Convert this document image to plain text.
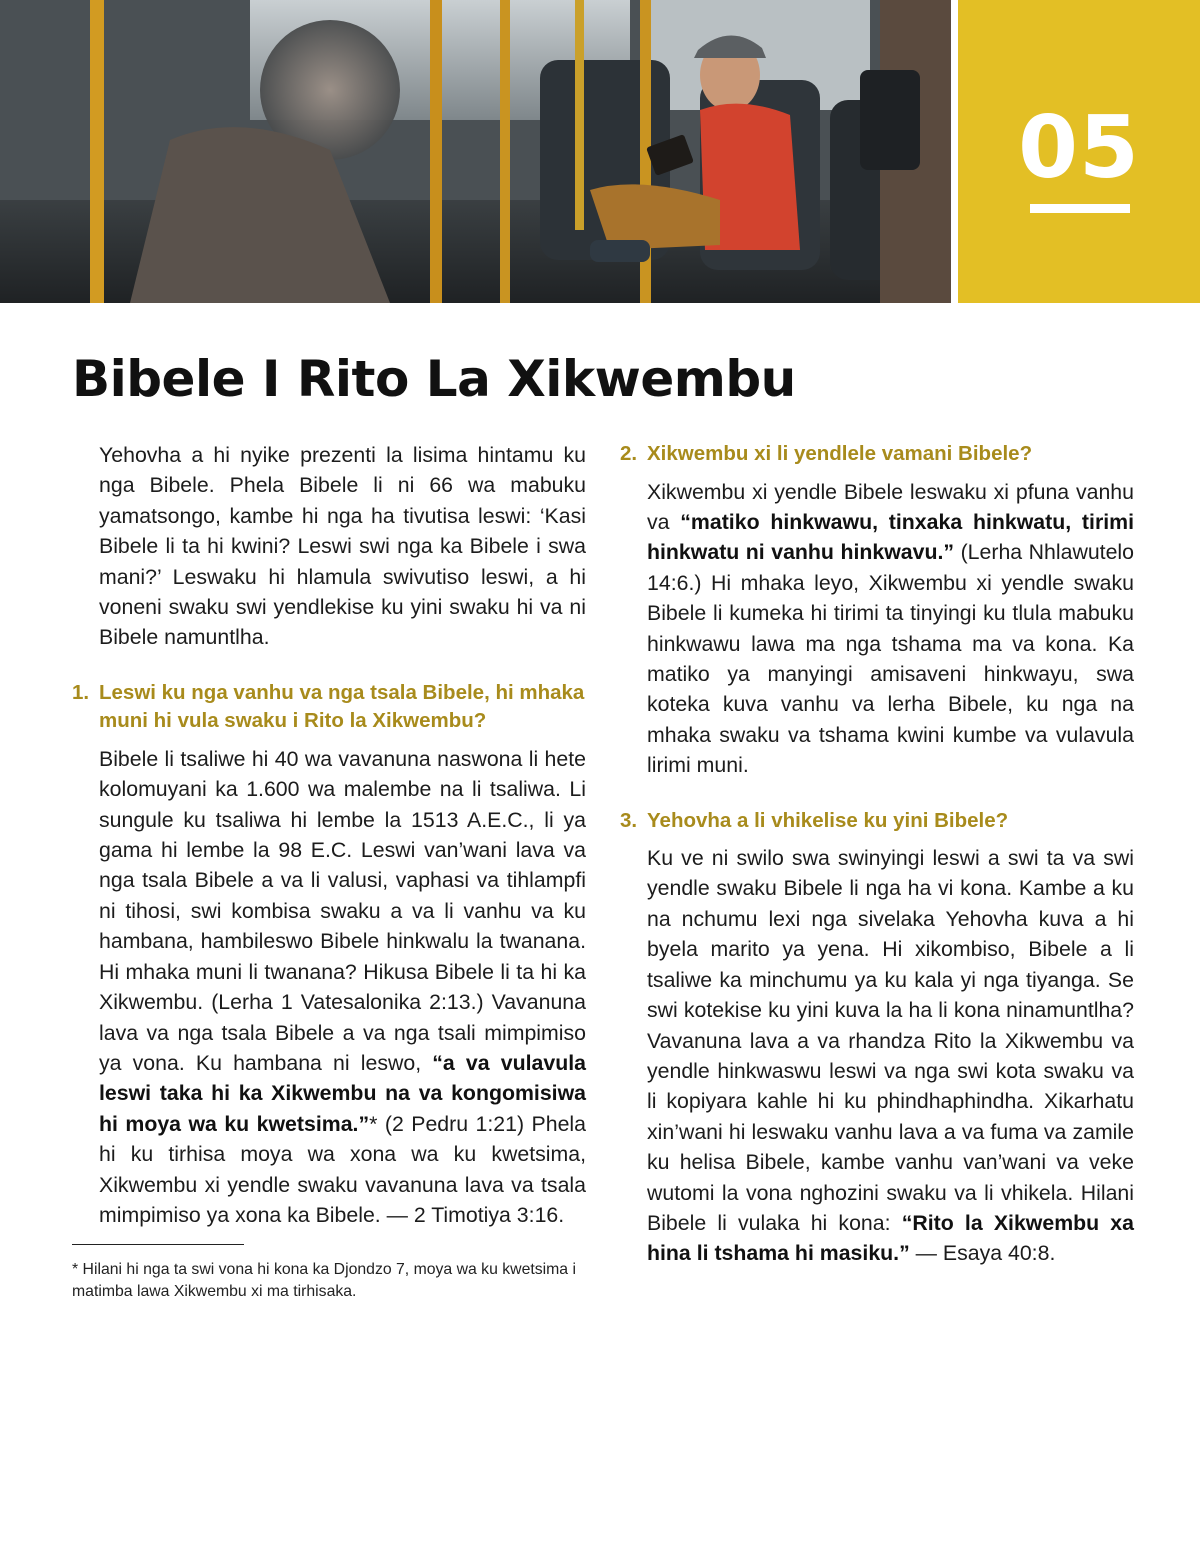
05
Bibele I Rito La Xikwembu

Yehovha a hi nyike prezenti la lisima hintamu ku nga Bibele. Phela Bibele li ni 66 wa mabuku yamatsongo, kambe hi nga ha tivutisa leswi: ‘Kasi Bibele li ta hi kwini? Leswi swi nga ka Bibele i swa mani?’ Leswaku hi hlamula swivutiso leswi, a hi voneni swaku swi yendlekise ku yini swaku hi va ni Bibele namuntlha.

1. Leswi ku nga vanhu va nga tsala Bibele, hi mhaka muni hi vula swaku i Rito la Xikwembu?

Bibele li tsaliwe hi 40 wa vavanuna naswona li hete kolomuyani ka 1.600 wa malembe na li tsaliwa. Li sungule ku tsaliwa hi lembe la 1513 A.E.C., li ya gama hi lembe la 98 E.C. Leswi van’wani lava va nga tsala Bibele a va li valusi, vaphasi va tihlampfi ni tihosi, swi kombisa swaku a va li vanhu va ku hambana, hambileswo Bibele hinkwalu la twanana. Hi mhaka muni li twanana? Hikusa Bibele li ta hi ka Xikwembu. (Lerha 1 Vatesalonika 2:13.) Vavanuna lava va nga tsala Bibele a va nga tsali mimpimiso ya vona. Ku hambana ni leswo, “a va vulavula leswi taka hi ka Xikwembu na va kongomisiwa hi moya wa ku kwetsima.”* (2 Pedru 1:21) Phela hi ku tirhisa moya wa xona wa ku kwetsima, Xikwembu xi yendle swaku vavanuna lava va tsala mimpimiso ya xona ka Bibele. — 2 Timotiya 3:16.

* Hilani hi nga ta swi vona hi kona ka Djondzo 7, moya wa ku kwetsima i matimba lawa Xikwembu xi ma tirhisaka.

2. Xikwembu xi li yendlele vamani Bibele?

Xikwembu xi yendle Bibele leswaku xi pfuna vanhu va “matiko hinkwawu, tinxaka hinkwatu, tirimi hinkwatu ni vanhu hinkwavu.” (Lerha Nhlawutelo 14:6.) Hi mhaka leyo, Xikwembu xi yendle swaku Bibele li kumeka hi tirimi ta tinyingi ku tlula mabuku hinkwawu lawa ma nga tshama ma va kona. Ka matiko ya manyingi amisaveni hinkwayu, swa koteka kuva vanhu va lerha Bibele, ku nga na mhaka swaku va tshama kwini kumbe va vulavula lirimi muni.

3. Yehovha a li vhikelise ku yini Bibele?

Ku ve ni swilo swa swinyingi leswi a swi ta va swi yendle swaku Bibele li nga ha vi kona. Kambe a ku na nchumu lexi nga sivelaka Yehovha kuva a hi byela marito ya yena. Hi xikombiso, Bibele a li tsaliwe ka minchumu ya ku kala yi nga tiyanga. Se swi kotekise ku yini kuva la ha li kona ninamuntlha? Vavanuna lava a va rhandza Rito la Xikwembu va yendle hinkwaswu leswi va nga swi kota swaku va li kopiyara kahle hi ku phindhaphindha. Xikarhatu xin’wani hi leswaku vanhu lava a va fuma va zamile ku helisa Bibele, kambe vanhu van’wani va veke wutomi la vona nghozini swaku va li vhikela. Hilani Bibele li vulaka hi kona: “Rito la Xikwembu xa hina li tshama hi masiku.” — Esaya 40:8.
